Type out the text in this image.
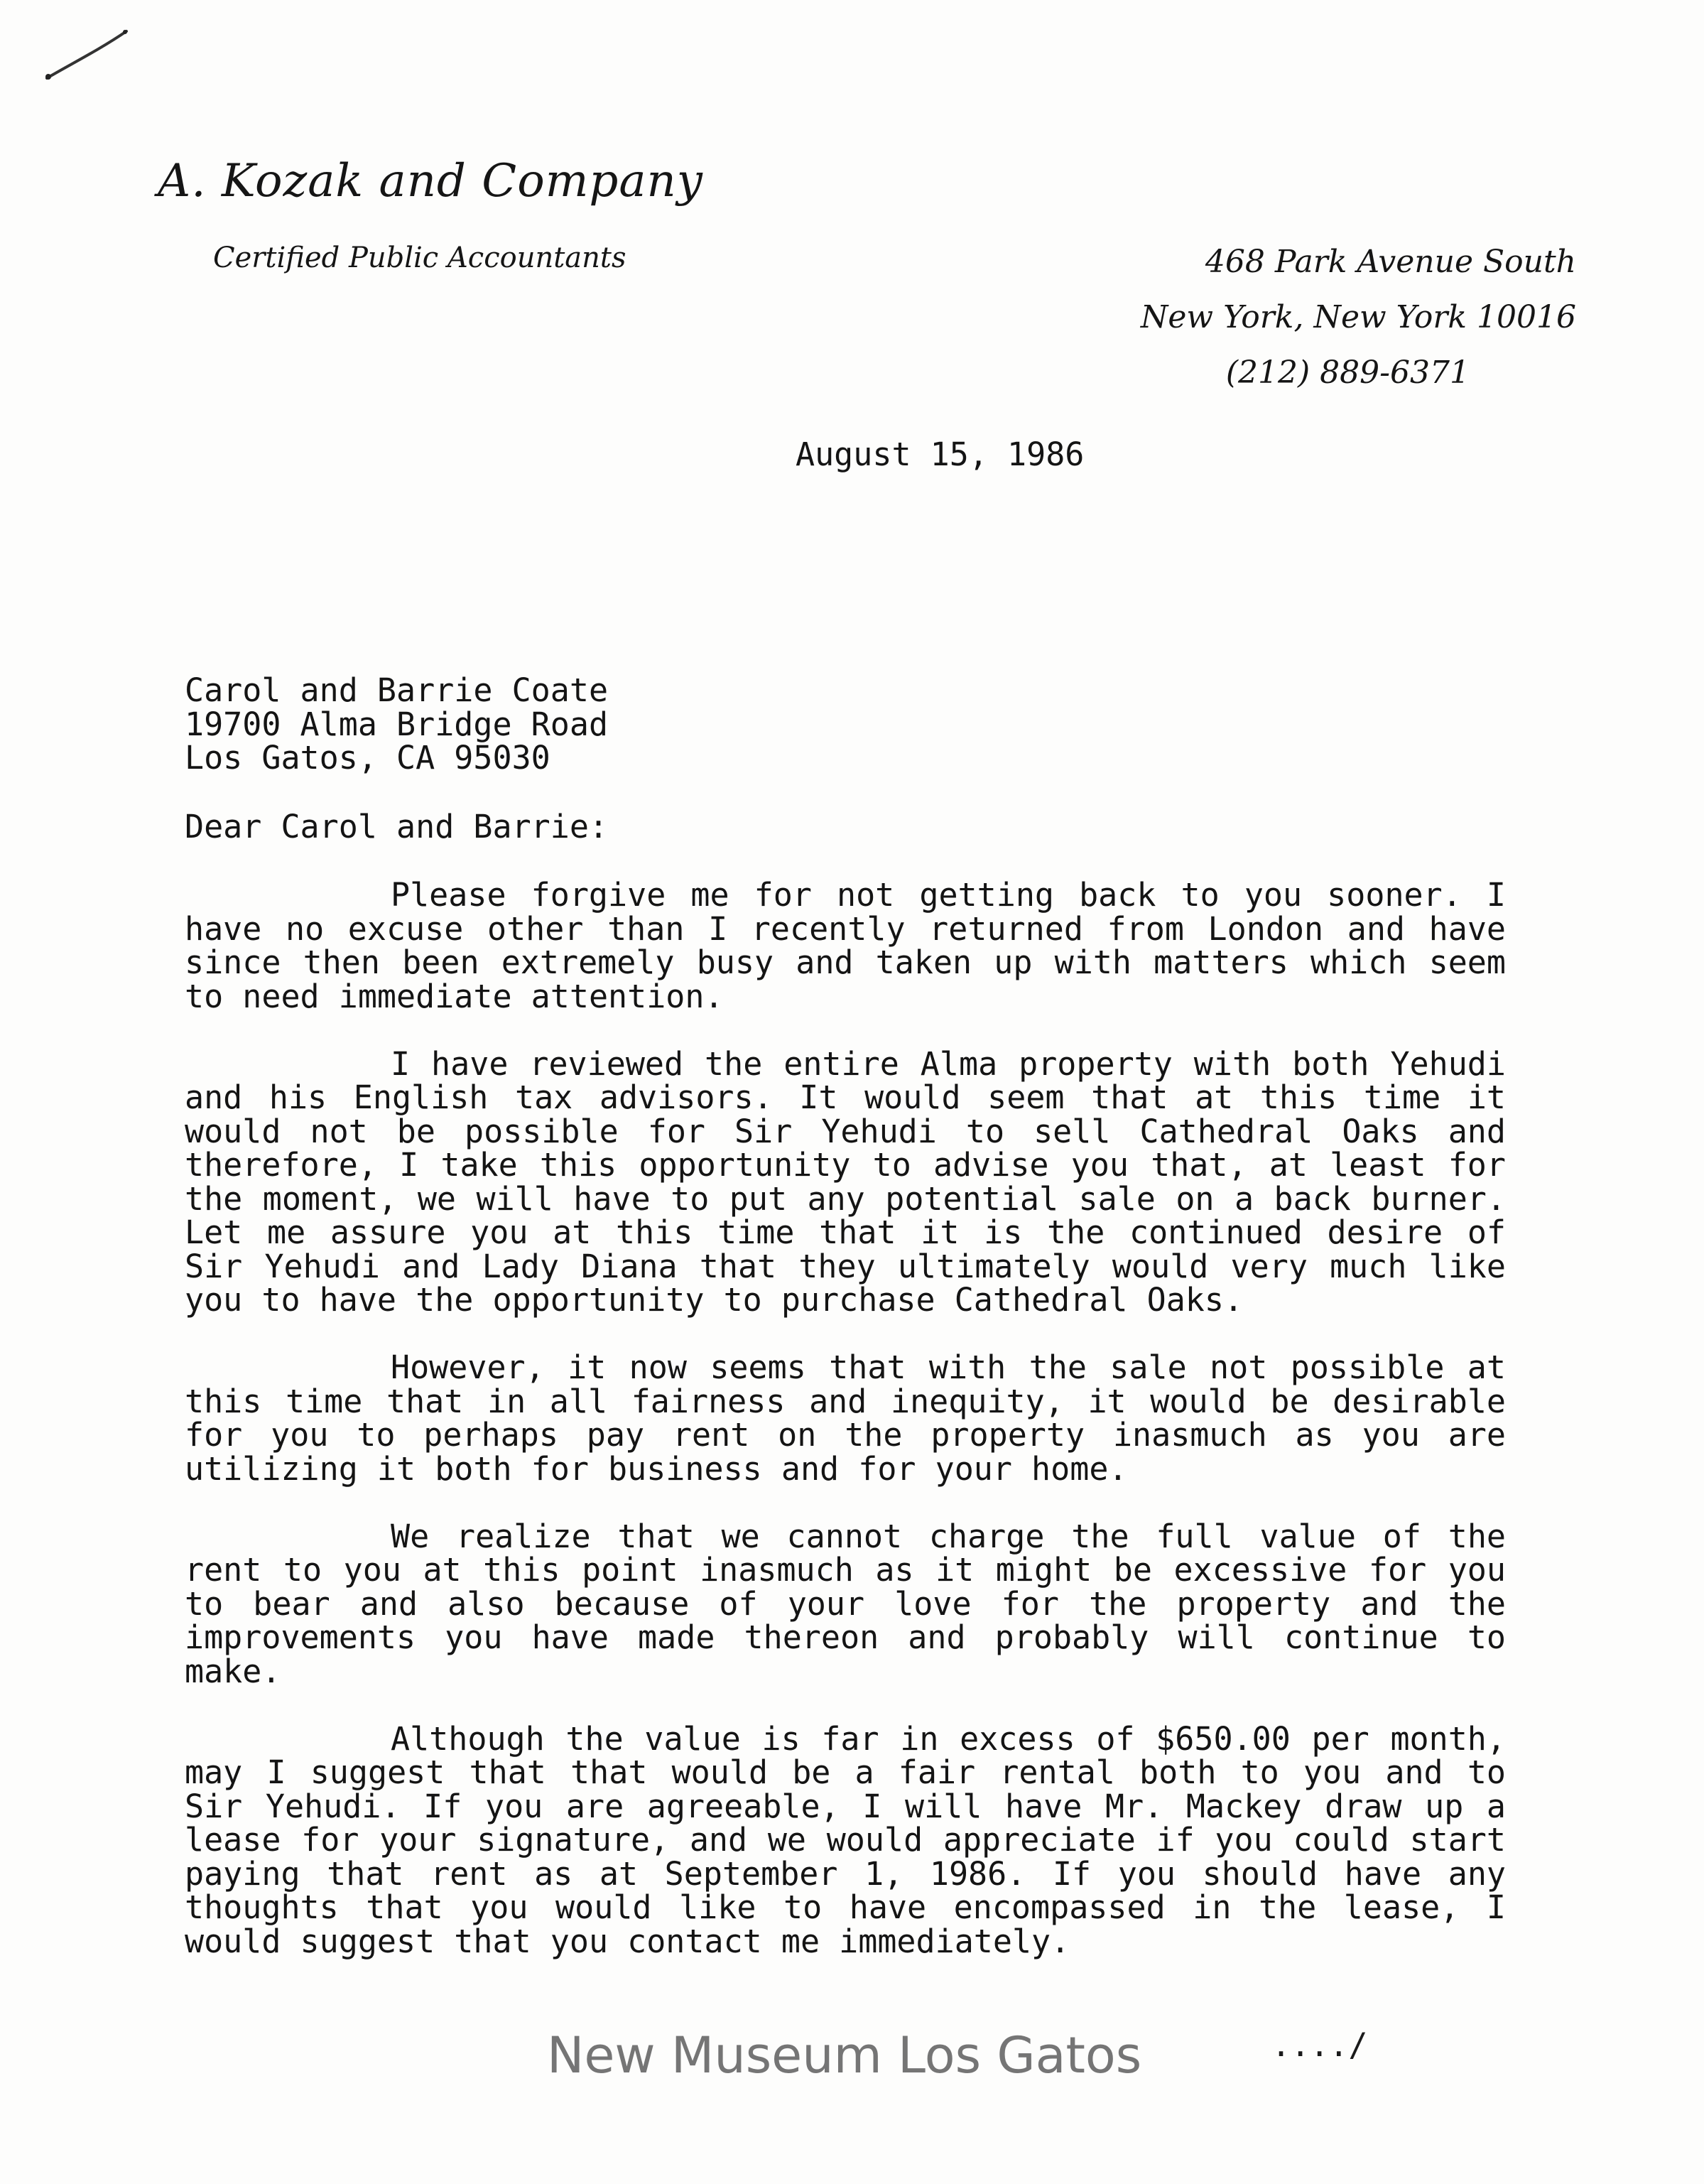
A. Kozak and Company
Certified Public Accountants	468 Park Avenue South
New York, New York 10016
(212) 889-6371
August 15, 1986
Carol and Barrie Coate
19700 Alma Bridge Road
Los Gatos, CA 95030
Dear Carol and Barrie:

Please forgive me for not getting back to you sooner. I have no excuse other than I recently returned from London and have since then been extremely busy and taken up with matters which seem to need immediate attention.

I have reviewed the entire Alma property with both Yehudi and his English tax advisors. It would seem that at this time it would not be possible for Sir Yehudi to sell Cathedral Oaks and therefore, I take this opportunity to advise you that, at least for the moment, we will have to put any potential sale on a back burner. Let me assure you at this time that it is the continued desire of Sir Yehudi and Lady Diana that they ultimately would very much like you to have the opportunity to purchase Cathedral Oaks.

However, it now seems that with the sale not possible at this time that in all fairness and inequity, it would be desirable for you to perhaps pay rent on the property inasmuch as you are utilizing it both for business and for your home.

We realize that we cannot charge the full value of the rent to you at this point inasmuch as it might be excessive for you to bear and also because of your love for the property and the improvements you have made thereon and probably will continue to make.

Although the value is far in excess of $650.00 per month, may I suggest that that would be a fair rental both to you and to Sir Yehudi. If you are agreeable, I will have Mr. Mackey draw up a lease for your signature, and we would appreciate if you could start paying that rent as at September 1, 1986. If you should have any thoughts that you would like to have encompassed in the lease, I would suggest that you contact me immediately.

New Museum Los Gatos	..../
